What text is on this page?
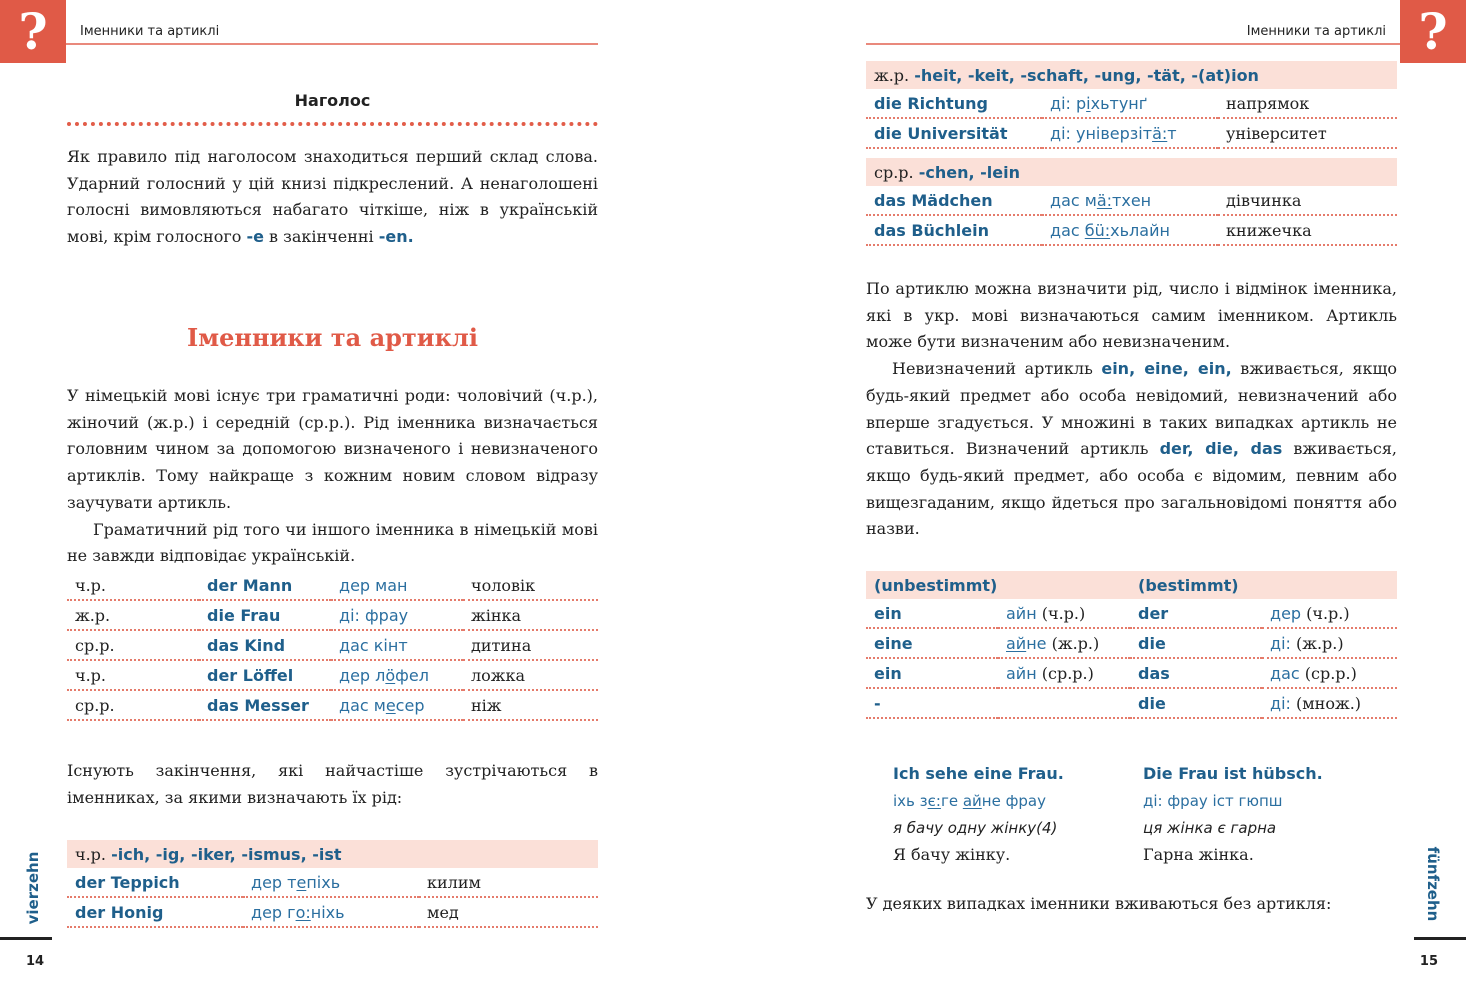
?	Іменники та артиклі
Наголос

Як правило під наголосом знаходиться перший склад слова. Ударний голосний у цій книзі підкреслений. А ненаголошені голосні вимовляються набагато чіткіше, ніж в українській мові, крім голосного -e в закінченні -en.

Іменники та артиклі

У німецькій мові існує три граматичні роди: чоловічий (ч.р.), жіночий (ж.р.) і середній (ср.р.). Рід іменника визначається головним чином за допомогою визначеного і невизначеного артиклів. Тому найкраще з кожним новим словом відразу заучувати артикль.

Граматичний рід того чи іншого іменника в німецькій мові не завжди відповідає українській.

ч.р.	der Mann	дер ман	чоловік
ж.р.	die Frau	ді: фрау	жінка
ср.р.	das Kind	дас кінт	дитина
ч.р.	der Löffel	дер лöфел	ложка
ср.р.	das Messer	дас месер	ніж

Існують закінчення, які найчастіше зустрічаються в іменниках, за якими визначають їх рід:

ч.р. -ich, -ig, -iker, -ismus, -ist		
der Teppich	дер тепіхь	килим
der Honig	дер го:ніхь	мед
vierzehn
14
?
Іменники та артиклі
ж.р. -heit, -keit, -schaft, -ung, -tät, -(at)ion		
die Richtung	ді: ріхьтунґ	напрямок
die Universität	ді: універзітä:т	університет
ср.р. -chen, -lein		
das Mädchen	дас мä:тхен	дівчинка
das Büchlein	дас бü:хьлайн	книжечка

По артиклю можна визначити рід, число і відмінок іменника, які в укр. мові визначаються самим іменником. Артикль може бути визначеним або невизначеним.

Невизначений артикль ein, eine, ein, вживається, якщо будь-який предмет або особа невідомий, невизначений або вперше згадується. У множині в таких випадках артикль не ставиться. Визначений артикль der, die, das вживається, якщо будь-який предмет, або особа є відомим, певним або вищезгаданим, якщо йдеться про загальновідомі поняття або назви.

(unbestimmt)		(bestimmt)	
ein	айн (ч.р.)	der	дер (ч.р.)
eine	айне (ж.р.)	die	ді: (ж.р.)
ein	айн (ср.р.)	das	дас (ср.р.)
-		die	ді: (множ.)
Ich sehe eine Frau.	Die Frau ist hübsch.
іхь зє:ге айне фрау	ді: фрау іст гюпш
я бачу одну жінку(4)	ця жінка є гарна
Я бачу жінку.	Гарна жінка.

У деяких випадках іменники вживаються без артикля:	fünfzehn
15
